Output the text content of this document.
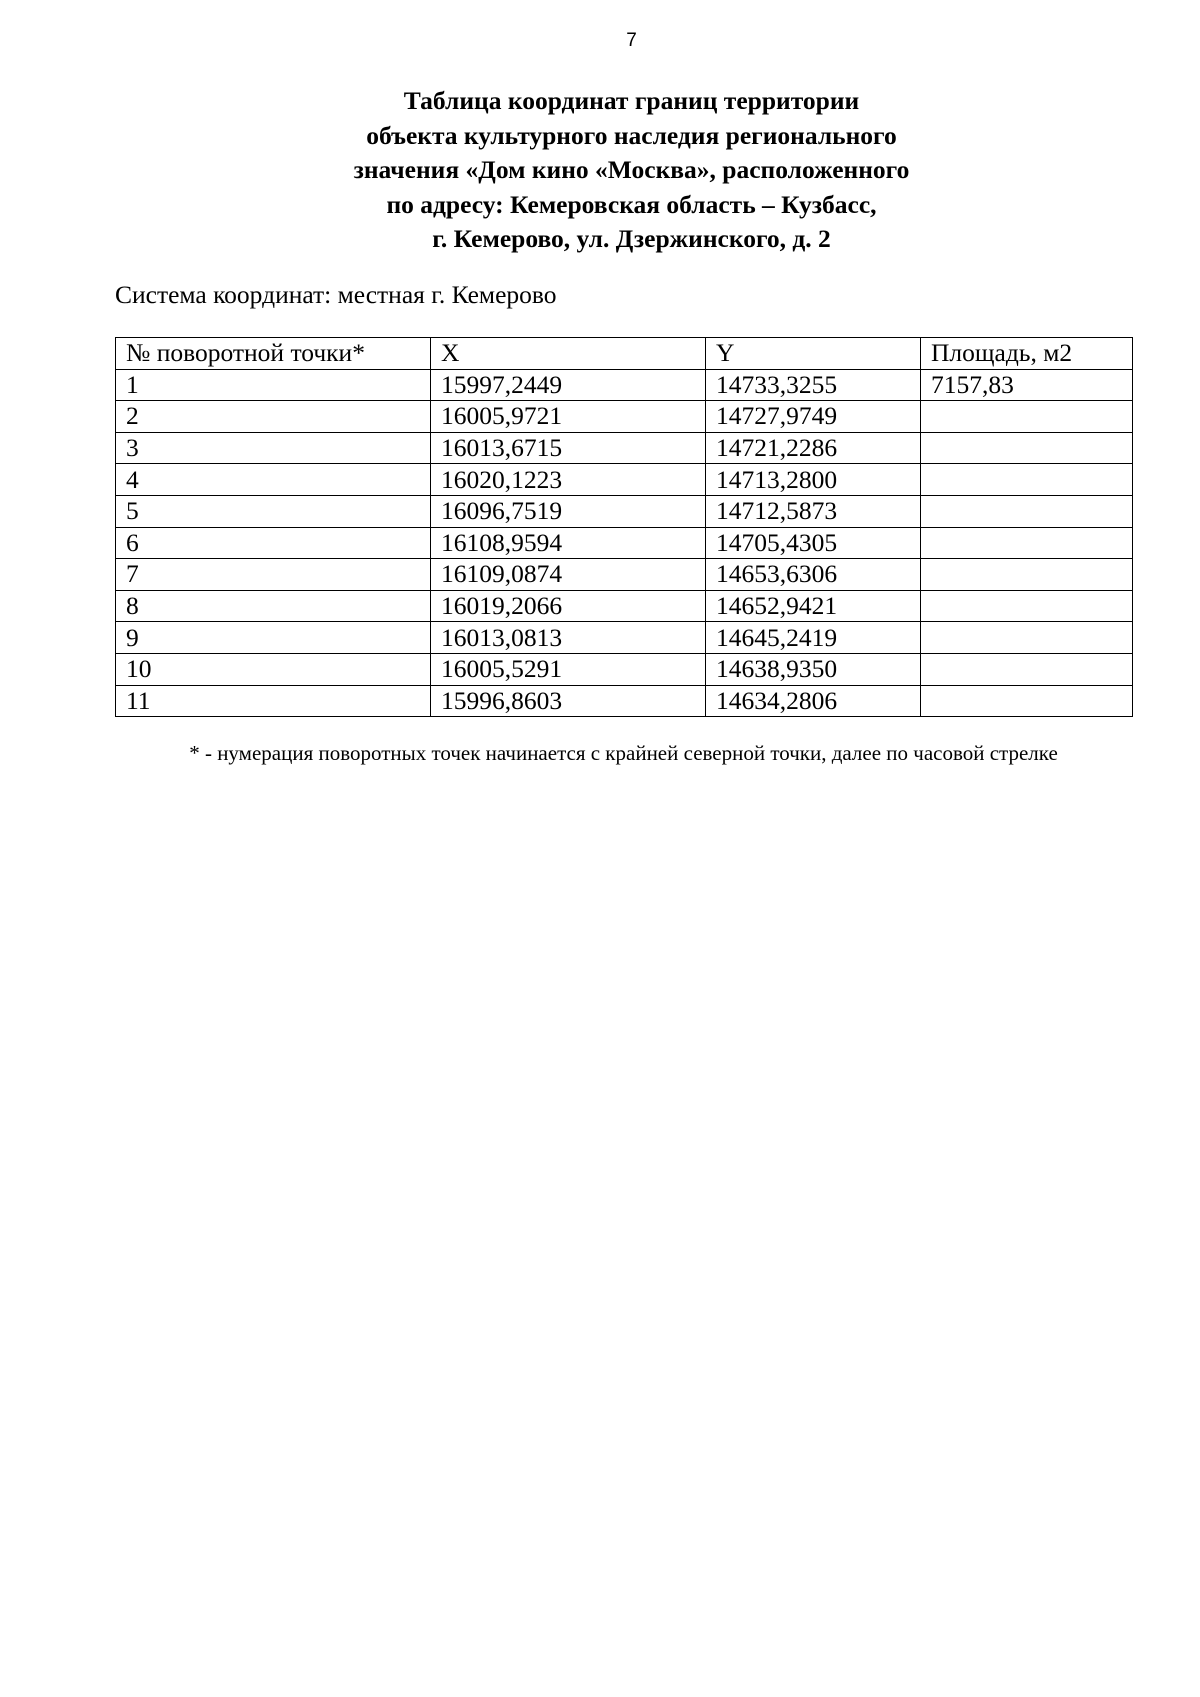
7
Таблица координат границ территории
объекта культурного наследия регионального
значения «Дом кино «Москва», расположенного
по адресу: Кемеровская область – Кузбасс,
г. Кемерово, ул. Дзержинского, д. 2
Система координат: местная г. Кемерово
№ поворотной точки*	X	Y	Площадь, м2
1	15997,2449	14733,3255	7157,83
2	16005,9721	14727,9749	
3	16013,6715	14721,2286	
4	16020,1223	14713,2800	
5	16096,7519	14712,5873	
6	16108,9594	14705,4305	
7	16109,0874	14653,6306	
8	16019,2066	14652,9421	
9	16013,0813	14645,2419	
10	16005,5291	14638,9350	
11	15996,8603	14634,2806	
* - нумерация поворотных точек начинается с крайней северной точки, далее по часовой стрелке
